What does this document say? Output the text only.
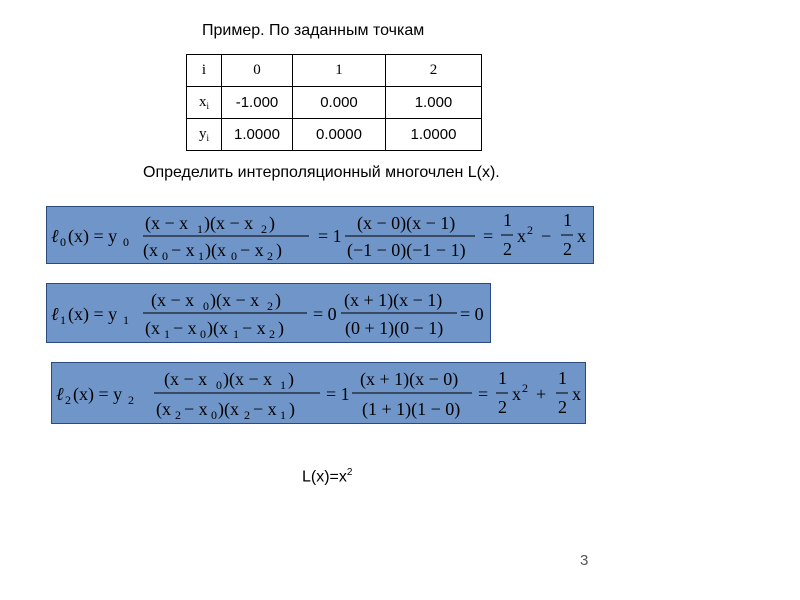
Пример. По заданным точкам
i	0	1	2
$x_i$	-1.000	0.000	1.000
$y_i$	1.0000	0.0000	1.0000
Определить интерполяционный многочлен L(x).
ℓ 0 (x) = y 0
(x − x 1 )(x − x 2 )
(x 0 − x 1 )(x 0 − x 2 )
= 1
(x − 0)(x − 1)
(−1 − 0)(−1 − 1)
=
1
2
x 2 −
1
2
x
ℓ 1 (x) = y 1
(x − x 0 )(x − x 2 )
(x 1 − x 0 )(x 1 − x 2 )
= 0
(x + 1)(x − 1)
(0 + 1)(0 − 1)
= 0
ℓ 2 (x) = y 2
(x − x 0 )(x − x 1 )
(x 2 − x 0 )(x 2 − x 1 )
= 1
(x + 1)(x − 0)
(1 + 1)(1 − 0)
=
1
2
x 2 +
1
2
x
$L(x)=x^2$
3
